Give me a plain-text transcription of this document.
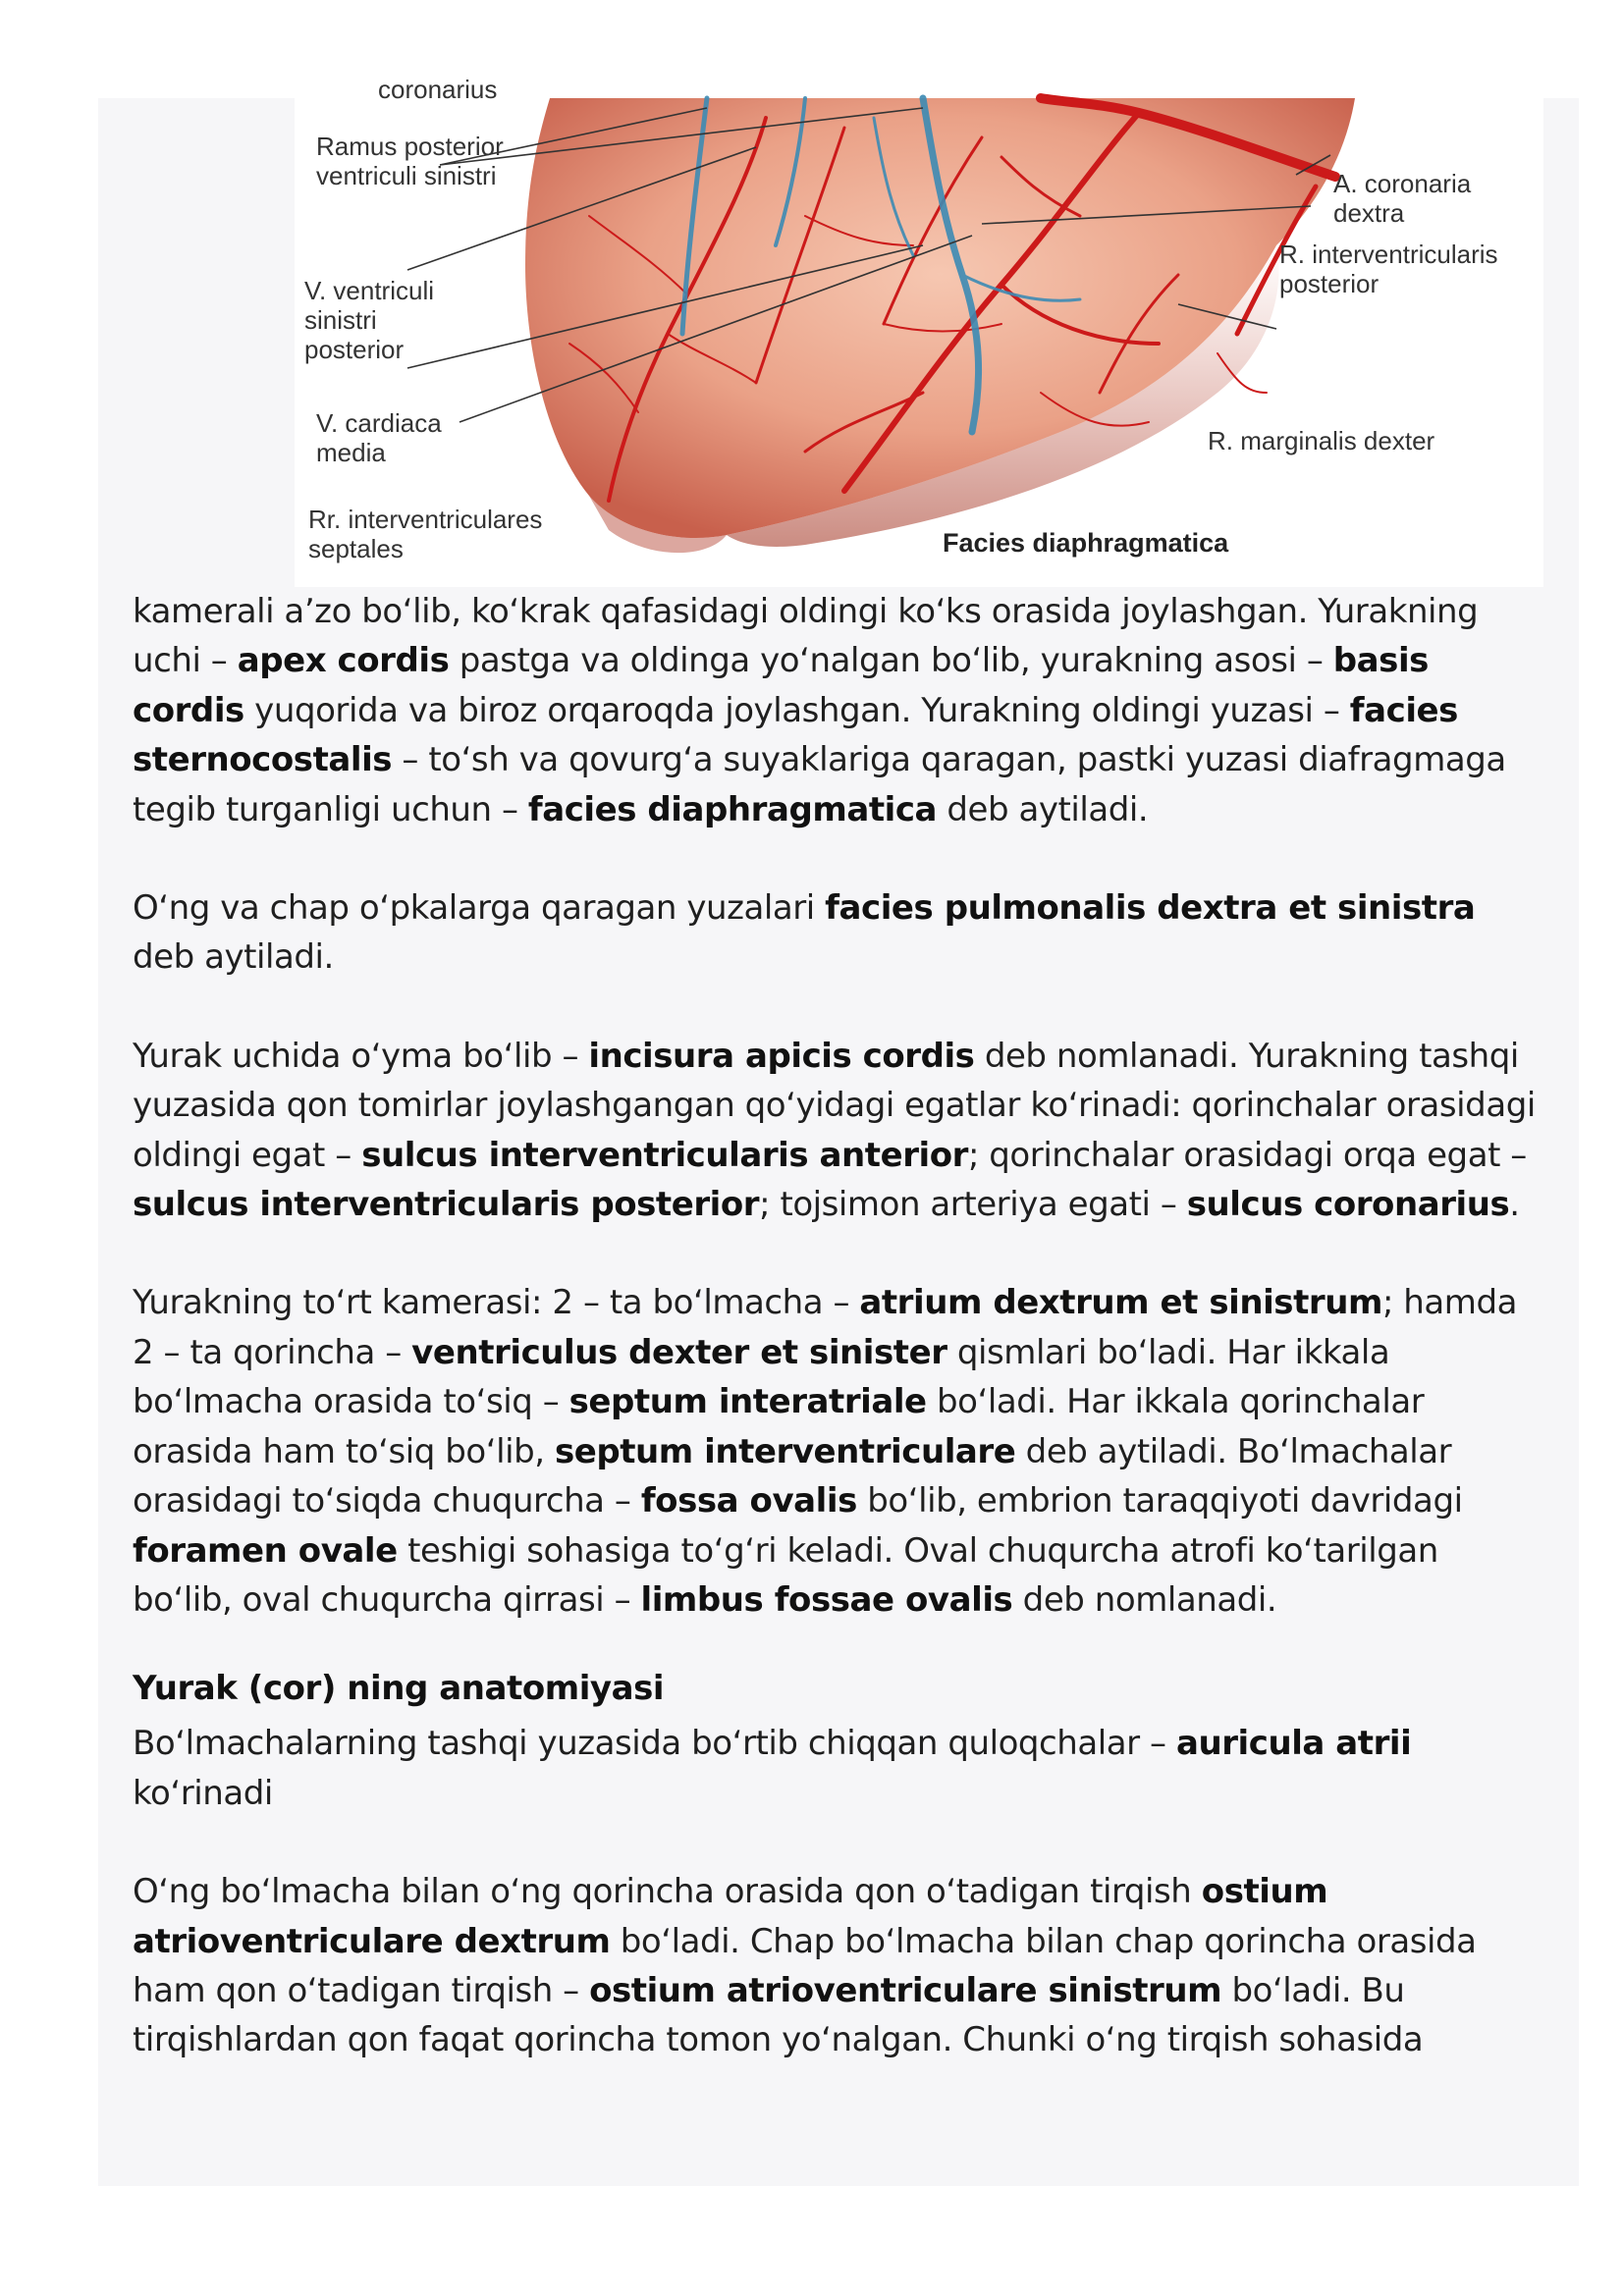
coronarius
Ramus posterior
ventriculi sinistri
V. ventriculi
sinistri
posterior
V. cardiaca
media
Rr. interventriculares
septales
A. coronaria
dextra
R. interventricularis
posterior
R. marginalis dexter
Facies diaphragmatica

kamerali a’zo bo‘lib, ko‘krak qafasidagi oldingi ko‘ks orasida joylashgan. Yurakning uchi – apex cordis pastga va oldinga yo‘nalgan bo‘lib, yurakning asosi – basis cordis yuqorida va biroz orqaroqda joylashgan. Yurakning oldingi yuzasi – facies sternocostalis – to‘sh va qovurg‘a suyaklariga qaragan, pastki yuzasi diafragmaga tegib turganligi uchun – facies diaphragmatica deb aytiladi.

O‘ng va chap o‘pkalarga qaragan yuzalari facies pulmonalis dextra et sinistra deb aytiladi.

Yurak uchida o‘yma bo‘lib – incisura apicis cordis deb nomlanadi. Yurakning tashqi yuzasida qon tomirlar joylashgangan qo‘yidagi egatlar ko‘rinadi: qorinchalar orasidagi oldingi egat – sulcus interventricularis anterior; qorinchalar orasidagi orqa egat – sulcus interventricularis posterior; tojsimon arteriya egati – sulcus coronarius.

Yurakning to‘rt kamerasi: 2 – ta bo‘lmacha – atrium dextrum et sinistrum; hamda 2 – ta qorincha – ventriculus dexter et sinister qismlari bo‘ladi. Har ikkala bo‘lmacha orasida to‘siq – septum interatriale bo‘ladi. Har ikkala qorinchalar orasida ham to‘siq bo‘lib, septum interventriculare deb aytiladi. Bo‘lmachalar orasidagi to‘siqda chuqurcha – fossa ovalis bo‘lib, embrion taraqqiyoti davridagi foramen ovale teshigi sohasiga to‘g‘ri keladi. Oval chuqurcha atrofi ko‘tarilgan bo‘lib, oval chuqurcha qirrasi – limbus fossae ovalis deb nomlanadi.

Yurak (cor) ning anatomiyasi

Bo‘lmachalarning tashqi yuzasida bo‘rtib chiqqan quloqchalar – auricula atrii ko‘rinadi

O‘ng bo‘lmacha bilan o‘ng qorincha orasida qon o‘tadigan tirqish ostium atrioventriculare dextrum bo‘ladi. Chap bo‘lmacha bilan chap qorincha orasida ham qon o‘tadigan tirqish – ostium atrioventriculare sinistrum bo‘ladi. Bu tirqishlardan qon faqat qorincha tomon yo‘nalgan. Chunki o‘ng tirqish sohasida
